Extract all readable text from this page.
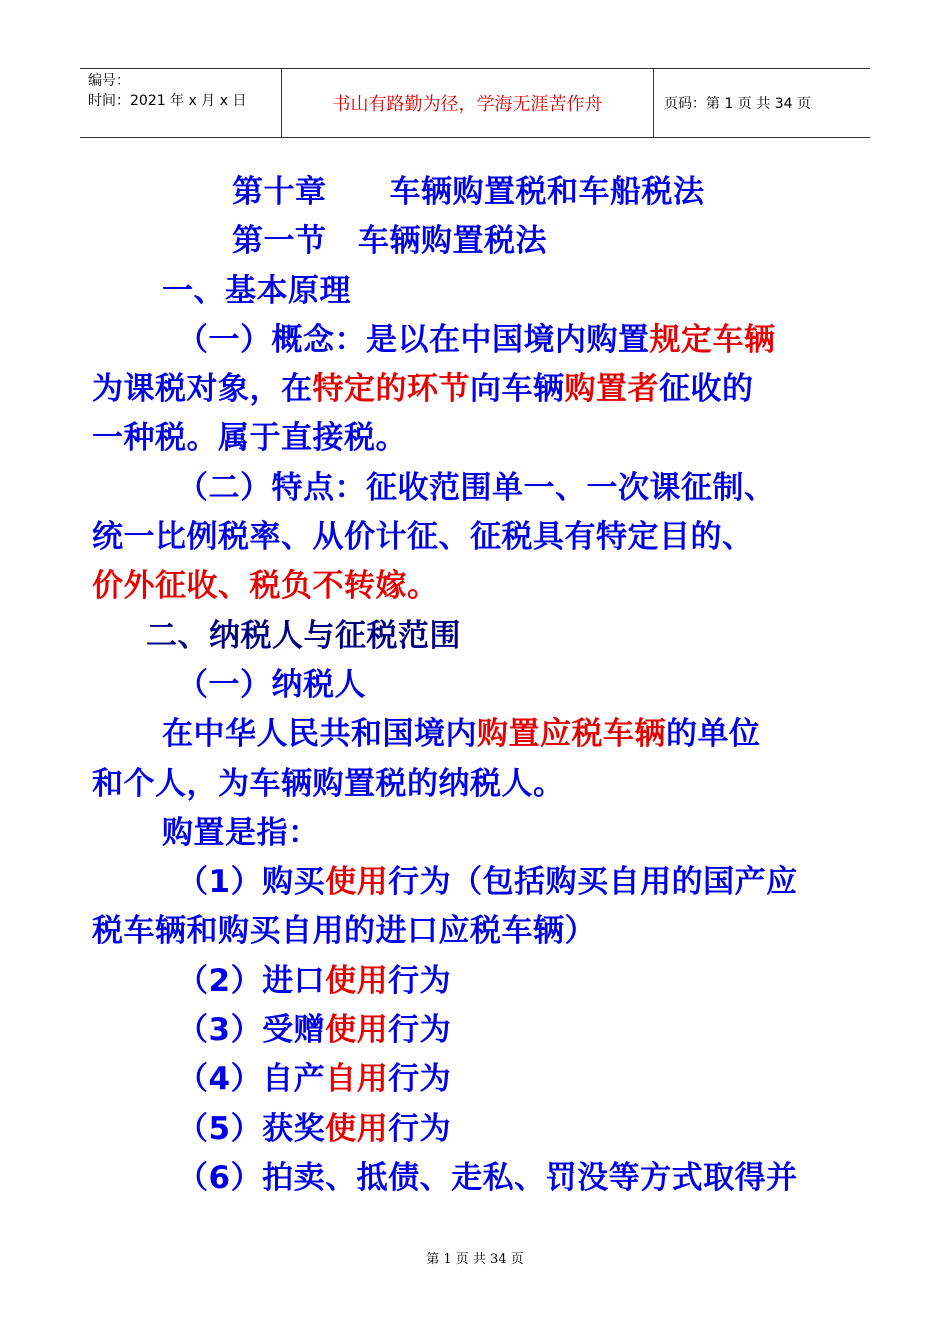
编号：
时间：2021 年 x 月 x 日	书山有路勤为径，学海无涯苦作舟	页码：第 1 页 共 34 页
第十章　　车辆购置税和车船税法
第一节　车辆购置税法
一、基本原理
（一）概念：是以在中国境内购置规定车辆
为课税对象，在特定的环节向车辆购置者征收的
一种税。属于直接税。
（二）特点：征收范围单一、一次课征制、
统一比例税率、从价计征、征税具有特定目的、
价外征收、税负不转嫁。
二、纳税人与征税范围
（一）纳税人
在中华人民共和国境内购置应税车辆的单位
和个人，为车辆购置税的纳税人。
购置是指：
（1）购买使用行为（包括购买自用的国产应
税车辆和购买自用的进口应税车辆）
（2）进口使用行为
（3）受赠使用行为
（4）自产自用行为
（5）获奖使用行为
（6）拍卖、抵债、走私、罚没等方式取得并
第 1 页 共 34 页
